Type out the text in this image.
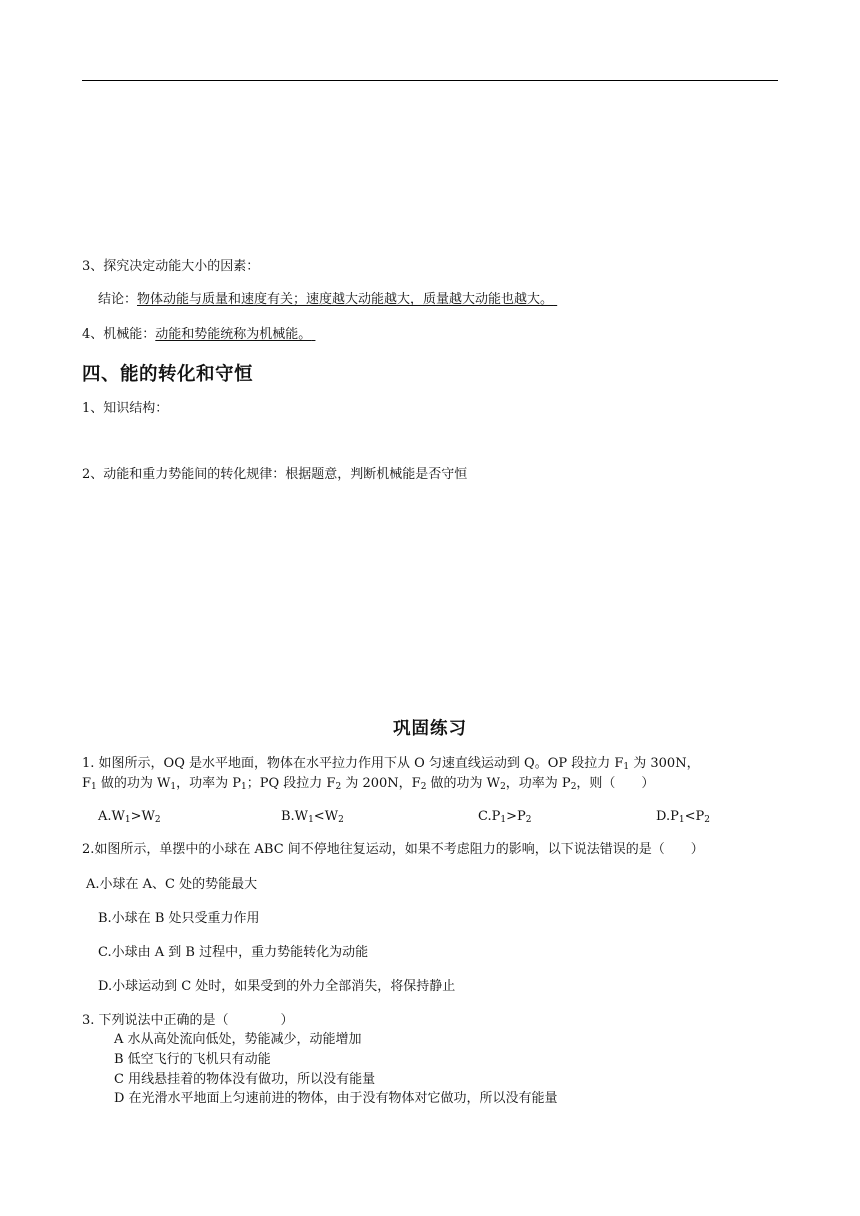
3、探究决定动能大小的因素：
结论：物体动能与质量和速度有关；速度越大动能越大，质量越大动能也越大。
4、机械能：动能和势能统称为机械能。
四、能的转化和守恒
1、知识结构：
2、动能和重力势能间的转化规律：根据题意，判断机械能是否守恒
巩固练习
1. 如图所示，OQ 是水平地面，物体在水平拉力作用下从 O 匀速直线运动到 Q。OP 段拉力 $F_1$ 为 300N，
$F_1$ 做的功为 $W_1$，功率为 $P_1$；PQ 段拉力 $F_2$ 为 200N，$F_2$ 做的功为 $W_2$，功率为 $P_2$，则（　　）
$A.W_1>W_2$	$B.W_1<W_2$	$C.P_1>P_2$	$D.P_1<P_2$
2.如图所示，单摆中的小球在 ABC 间不停地往复运动，如果不考虑阻力的影响，以下说法错误的是（　　）
A.小球在 A、C 处的势能最大
B.小球在 B 处只受重力作用
C.小球由 A 到 B 过程中，重力势能转化为动能
D.小球运动到 C 处时，如果受到的外力全部消失，将保持静止
3. 下列说法中正确的是（　　　　）
A 水从高处流向低处，势能减少，动能增加
B 低空飞行的飞机只有动能
C 用线悬挂着的物体没有做功，所以没有能量
D 在光滑水平地面上匀速前进的物体，由于没有物体对它做功，所以没有能量
